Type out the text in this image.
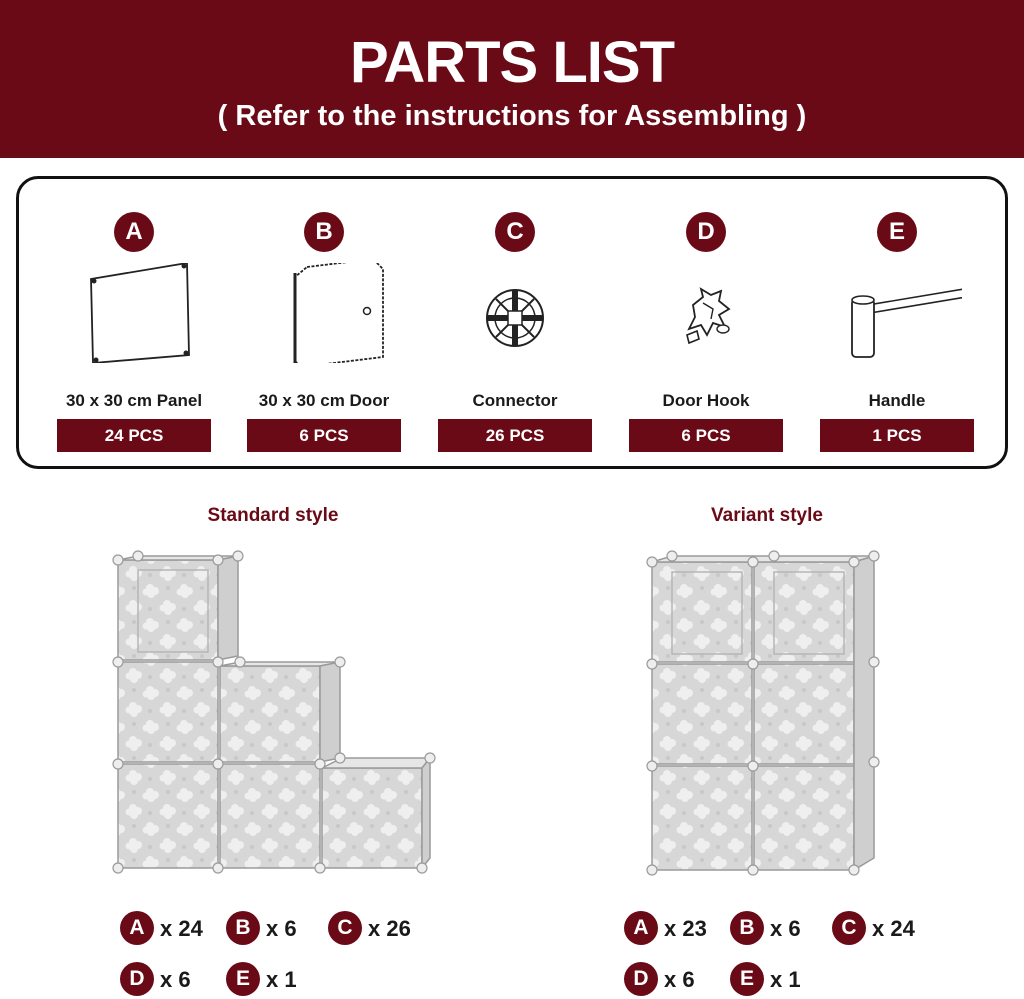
PARTS LIST
( Refer to the instructions for Assembling )
A
30 x 30 cm Panel
24 PCS
B
30 x 30 cm Door
6 PCS
C
Connector
26 PCS
D
Door Hook
6 PCS
E
Handle
1 PCS
Standard style
A x 24	B x 6	C x 26
D x 6	E x 1
Variant style
A x 23	B x 6	C x 24
D x 6	E x 1
